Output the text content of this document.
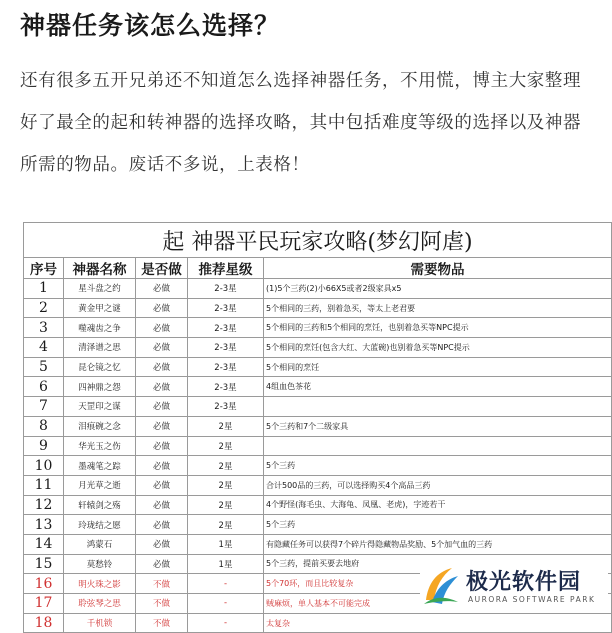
神器任务该怎么选择？
还有很多五开兄弟还不知道怎么选择神器任务，不用慌，博主大家整理好了最全的起和转神器的选择攻略，其中包括难度等级的选择以及神器所需的物品。废话不多说，上表格！
起 神器平民玩家攻略(梦幻阿虐)				
序号	神器名称	是否做	推荐星级	需要物品
1	星斗盘之约	必做	2-3星	(1)5个三药(2)小66X5或者2级家具x5
2	黄金甲之谜	必做	2-3星	5个相同的三药，别着急买，等太上老君要
3	噬魂齿之争	必做	2-3星	5个相同的三药和5个相同的烹饪，也别着急买等NPC提示
4	清泽谱之思	必做	2-3星	5个相同的烹饪(包含大红、大蓝碗)也别着急买等NPC提示
5	昆仑镜之忆	必做	2-3星	5个相同的烹饪
6	四神鼎之怨	必做	2-3星	4组血色茶花
7	天罡印之谋	必做	2-3星	
8	泪痕碗之念	必做	2星	5个三药和7个二级家具
9	华光玉之伤	必做	2星	
10	墨魂笔之踪	必做	2星	5个三药
11	月光草之逝	必做	2星	合计500品的三药，可以选择购买4个高品三药
12	轩辕剑之殇	必做	2星	4个野怪(海毛虫、大海龟、凤凰、老虎)，字迹若干
13	玲珑结之愿	必做	2星	5个三药
14	鸿蒙石	必做	1星	有隐藏任务可以获得7个碎片得隐藏物品奖励、5个加气血的三药
15	莫愁铃	必做	1星	5个三药，提前买要去地府
16	明火珠之影	不做	-	5个70环，而且比较复杂
17	聆弦琴之思	不做	-	贼麻烦，单人基本不可能完成
18	千机锁	不做	-	太复杂
极光软件园
AURORA SOFTWARE PARK
